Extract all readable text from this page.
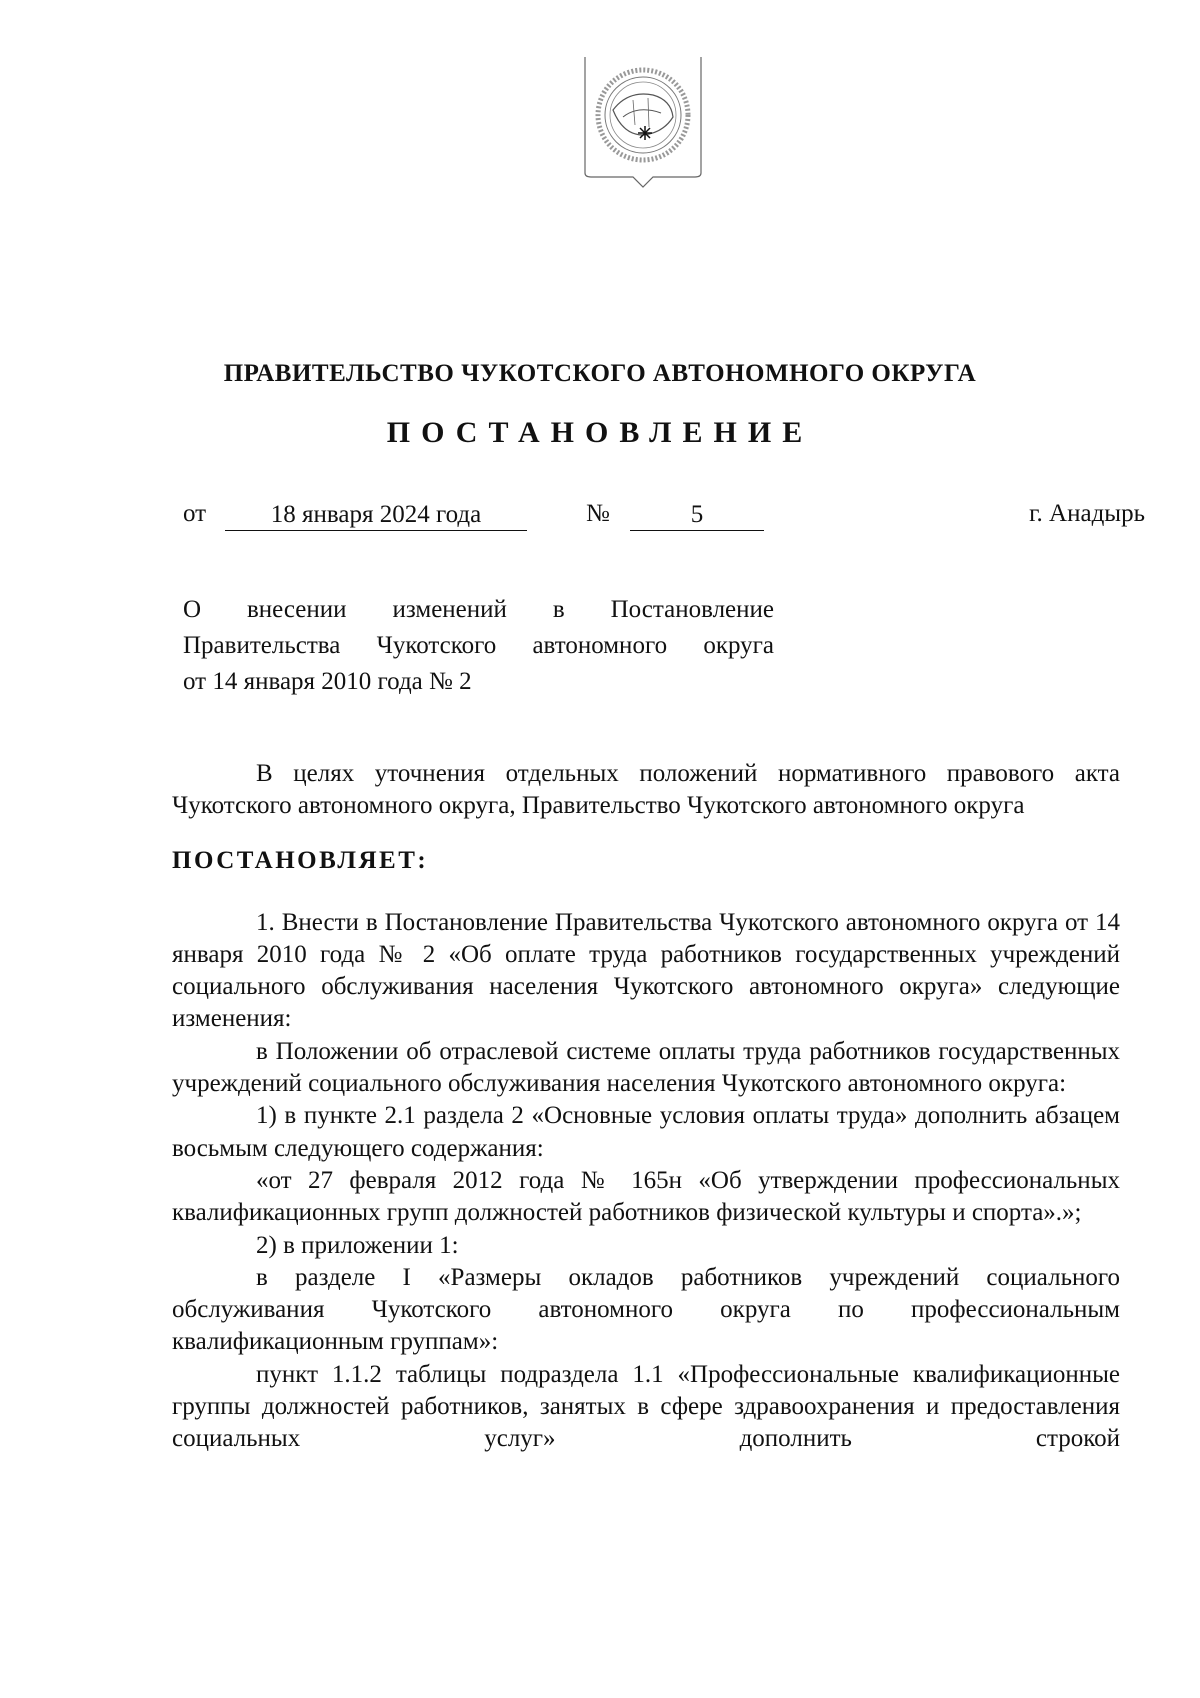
ПРАВИТЕЛЬСТВО ЧУКОТСКОГО АВТОНОМНОГО ОКРУГА
ПОСТАНОВЛЕНИЕ
от	18 января 2024 года	№	5	г. Анадырь
О внесении изменений в Постановление
Правительства Чукотского автономного округа
от 14 января 2010 года № 2

В целях уточнения отдельных положений нормативного правового акта Чукотского автономного округа, Правительство Чукотского автономного округа

ПОСТАНОВЛЯЕТ:

1. Внести в Постановление Правительства Чукотского автономного округа от 14 января 2010 года № 2 «Об оплате труда работников государственных учреждений социального обслуживания населения Чукотского автономного округа» следующие изменения:

в Положении об отраслевой системе оплаты труда работников государственных учреждений социального обслуживания населения Чукотского автономного округа:

1) в пункте 2.1 раздела 2 «Основные условия оплаты труда» дополнить абзацем восьмым следующего содержания:

«от 27 февраля 2012 года № 165н «Об утверждении профессиональных квалификационных групп должностей работников физической культуры и спорта».»;

2) в приложении 1:

в разделе I «Размеры окладов работников учреждений социального обслуживания Чукотского автономного округа по профессиональным квалификационным группам»:

пункт 1.1.2 таблицы подраздела 1.1 «Профессиональные квалификационные группы должностей работников, занятых в сфере здравоохранения и предоставления социальных услуг» дополнить строкой
